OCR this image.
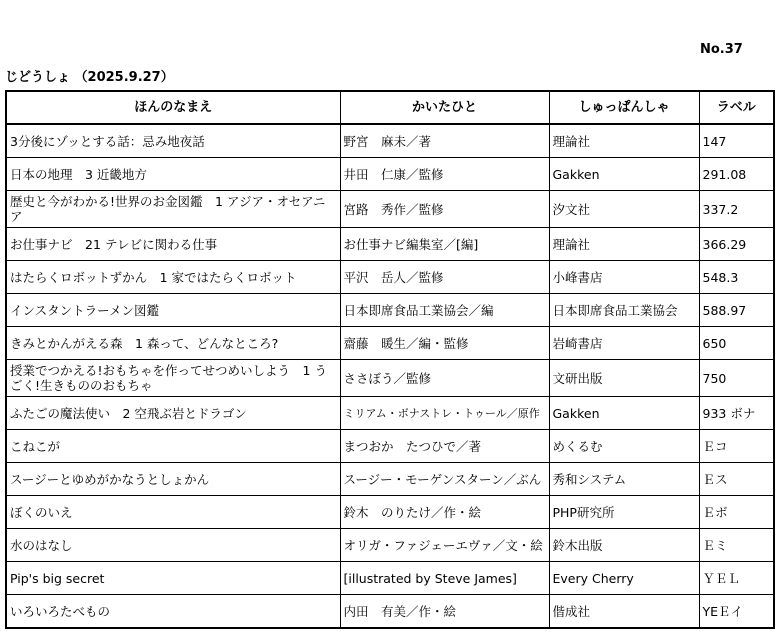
No.37
じどうしょ （2025.9.27）
ほんのなまえ	かいたひと	しゅっぱんしゃ	ラベル
3分後にゾッとする話：忌み地夜話	野宮　麻未／著	理論社	147
日本の地理　3 近畿地方	井田　仁康／監修	Gakken	291.08
歴史と今がわかる!世界のお金図鑑　1 アジア・オセアニア	宮路　秀作／監修	汐文社	337.2
お仕事ナビ　21 テレビに関わる仕事	お仕事ナビ編集室／[編]	理論社	366.29
はたらくロボットずかん　1 家ではたらくロボット	平沢　岳人／監修	小峰書店	548.3
インスタントラーメン図鑑	日本即席食品工業協会／編	日本即席食品工業協会	588.97
きみとかんがえる森　1 森って、どんなところ?	齋藤　暖生／編・監修	岩崎書店	650
授業でつかえる!おもちゃを作ってせつめいしよう　1 うごく!生きもののおもちゃ	ささぼう／監修	文研出版	750
ふたごの魔法使い　2 空飛ぶ岩とドラゴン	ミリアム・ボナストレ・トゥール／原作	Gakken	933 ボナ
こねこが	まつおか　たつひで／著	めくるむ	Ｅコ
スージーとゆめがかなうとしょかん	スージー・モーゲンスターン／ぶん	秀和システム	Ｅス
ぼくのいえ	鈴木　のりたけ／作・絵	PHP研究所	Ｅボ
水のはなし	オリガ・ファジェーエヴァ／文・絵	鈴木出版	Ｅミ
Pip's big secret	[illustrated by Steve James]	Every Cherry	ＹＥＬ
いろいろたべもの	内田　有美／作・絵	偕成社	YEＥイ
